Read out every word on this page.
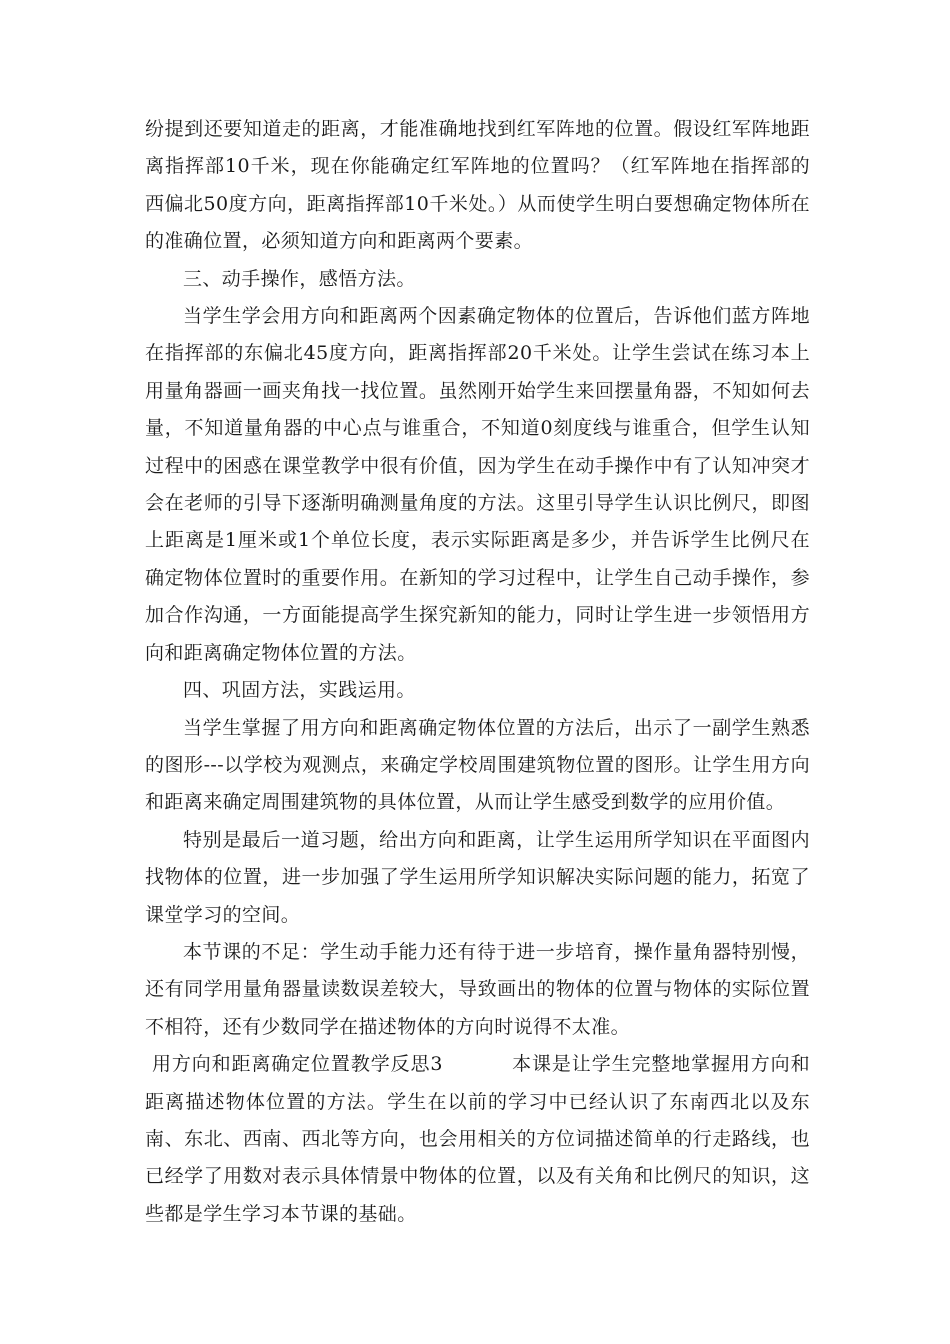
纷提到还要知道走的距离，才能准确地找到红军阵地的位置。假设红军阵地距离指挥部10千米，现在你能确定红军阵地的位置吗？（红军阵地在指挥部的西偏北50度方向，距离指挥部10千米处。）从而使学生明白要想确定物体所在的准确位置，必须知道方向和距离两个要素。

三、动手操作，感悟方法。

当学生学会用方向和距离两个因素确定物体的位置后，告诉他们蓝方阵地在指挥部的东偏北45度方向，距离指挥部20千米处。让学生尝试在练习本上用量角器画一画夹角找一找位置。虽然刚开始学生来回摆量角器，不知如何去量，不知道量角器的中心点与谁重合，不知道0刻度线与谁重合，但学生认知过程中的困惑在课堂教学中很有价值，因为学生在动手操作中有了认知冲突才会在老师的引导下逐渐明确测量角度的方法。这里引导学生认识比例尺，即图上距离是1厘米或1个单位长度，表示实际距离是多少，并告诉学生比例尺在确定物体位置时的重要作用。在新知的学习过程中，让学生自己动手操作，参加合作沟通，一方面能提高学生探究新知的能力，同时让学生进一步领悟用方向和距离确定物体位置的方法。

四、巩固方法，实践运用。

当学生掌握了用方向和距离确定物体位置的方法后，出示了一副学生熟悉的图形---以学校为观测点，来确定学校周围建筑物位置的图形。让学生用方向和距离来确定周围建筑物的具体位置，从而让学生感受到数学的应用价值。

特别是最后一道习题，给出方向和距离，让学生运用所学知识在平面图内找物体的位置，进一步加强了学生运用所学知识解决实际问题的能力，拓宽了课堂学习的空间。

本节课的不足：学生动手能力还有待于进一步培育，操作量角器特别慢，还有同学用量角器量读数误差较大，导致画出的物体的位置与物体的实际位置不相符，还有少数同学在描述物体的方向时说得不太准。

用方向和距离确定位置教学反思3	本课是让学生完整地掌握用方向和距离描述物体位置的方法。学生在以前的学习中已经认识了东南西北以及东南、东北、西南、西北等方向，也会用相关的方位词描述简单的行走路线，也已经学了用数对表示具体情景中物体的位置，以及有关角和比例尺的知识，这些都是学生学习本节课的基础。
